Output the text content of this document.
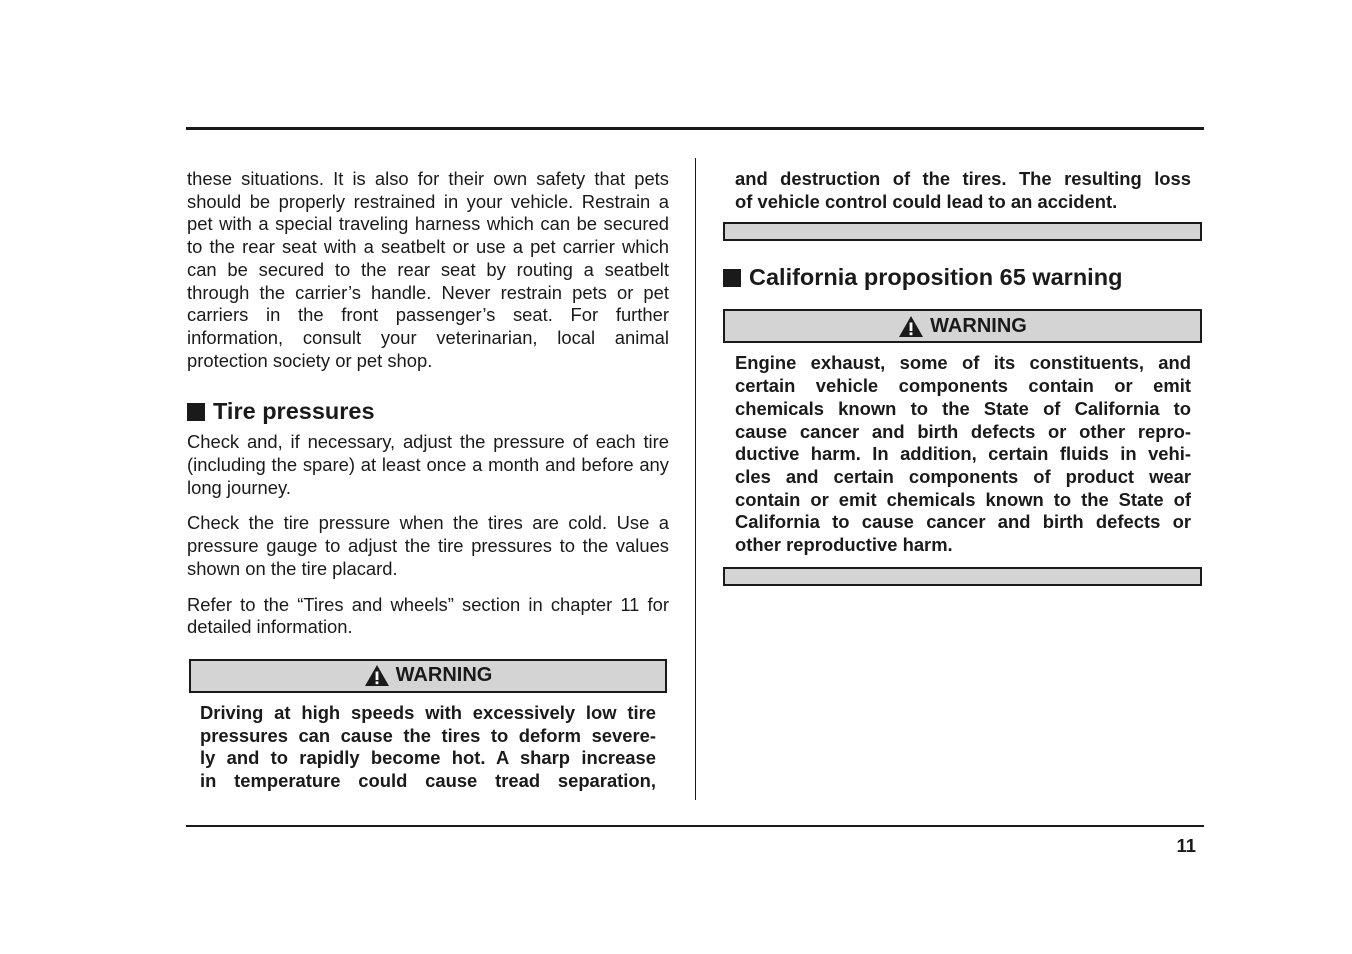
these situations. It is also for their own safety that pets should be properly restrained in your vehicle. Restrain a pet with a special traveling harness which can be secured to the rear seat with a seatbelt or use a pet carrier which can be secured to the rear seat by routing a seatbelt through the carrier’s handle. Never restrain pets or pet carriers in the front passenger’s seat. For further information, consult your veterinarian, local animal protection society or pet shop.

Tire pressures

Check and, if necessary, adjust the pressure of each tire (including the spare) at least once a month and before any long journey.

Check the tire pressure when the tires are cold. Use a pressure gauge to adjust the tire pressures to the values shown on the tire placard.

Refer to the “Tires and wheels” section in chapter 11 for detailed information.

WARNING
Driving at high speeds with excessively low tire
pressures can cause the tires to deform severe-
ly and to rapidly become hot. A sharp increase
in temperature could cause tread separation,
and destruction of the tires. The resulting loss
of vehicle control could lead to an accident.
California proposition 65 warning
WARNING
Engine exhaust, some of its constituents, and
certain vehicle components contain or emit
chemicals known to the State of California to
cause cancer and birth defects or other repro-
ductive harm. In addition, certain fluids in vehi-
cles and certain components of product wear
contain or emit chemicals known to the State of
California to cause cancer and birth defects or
other reproductive harm.
11
